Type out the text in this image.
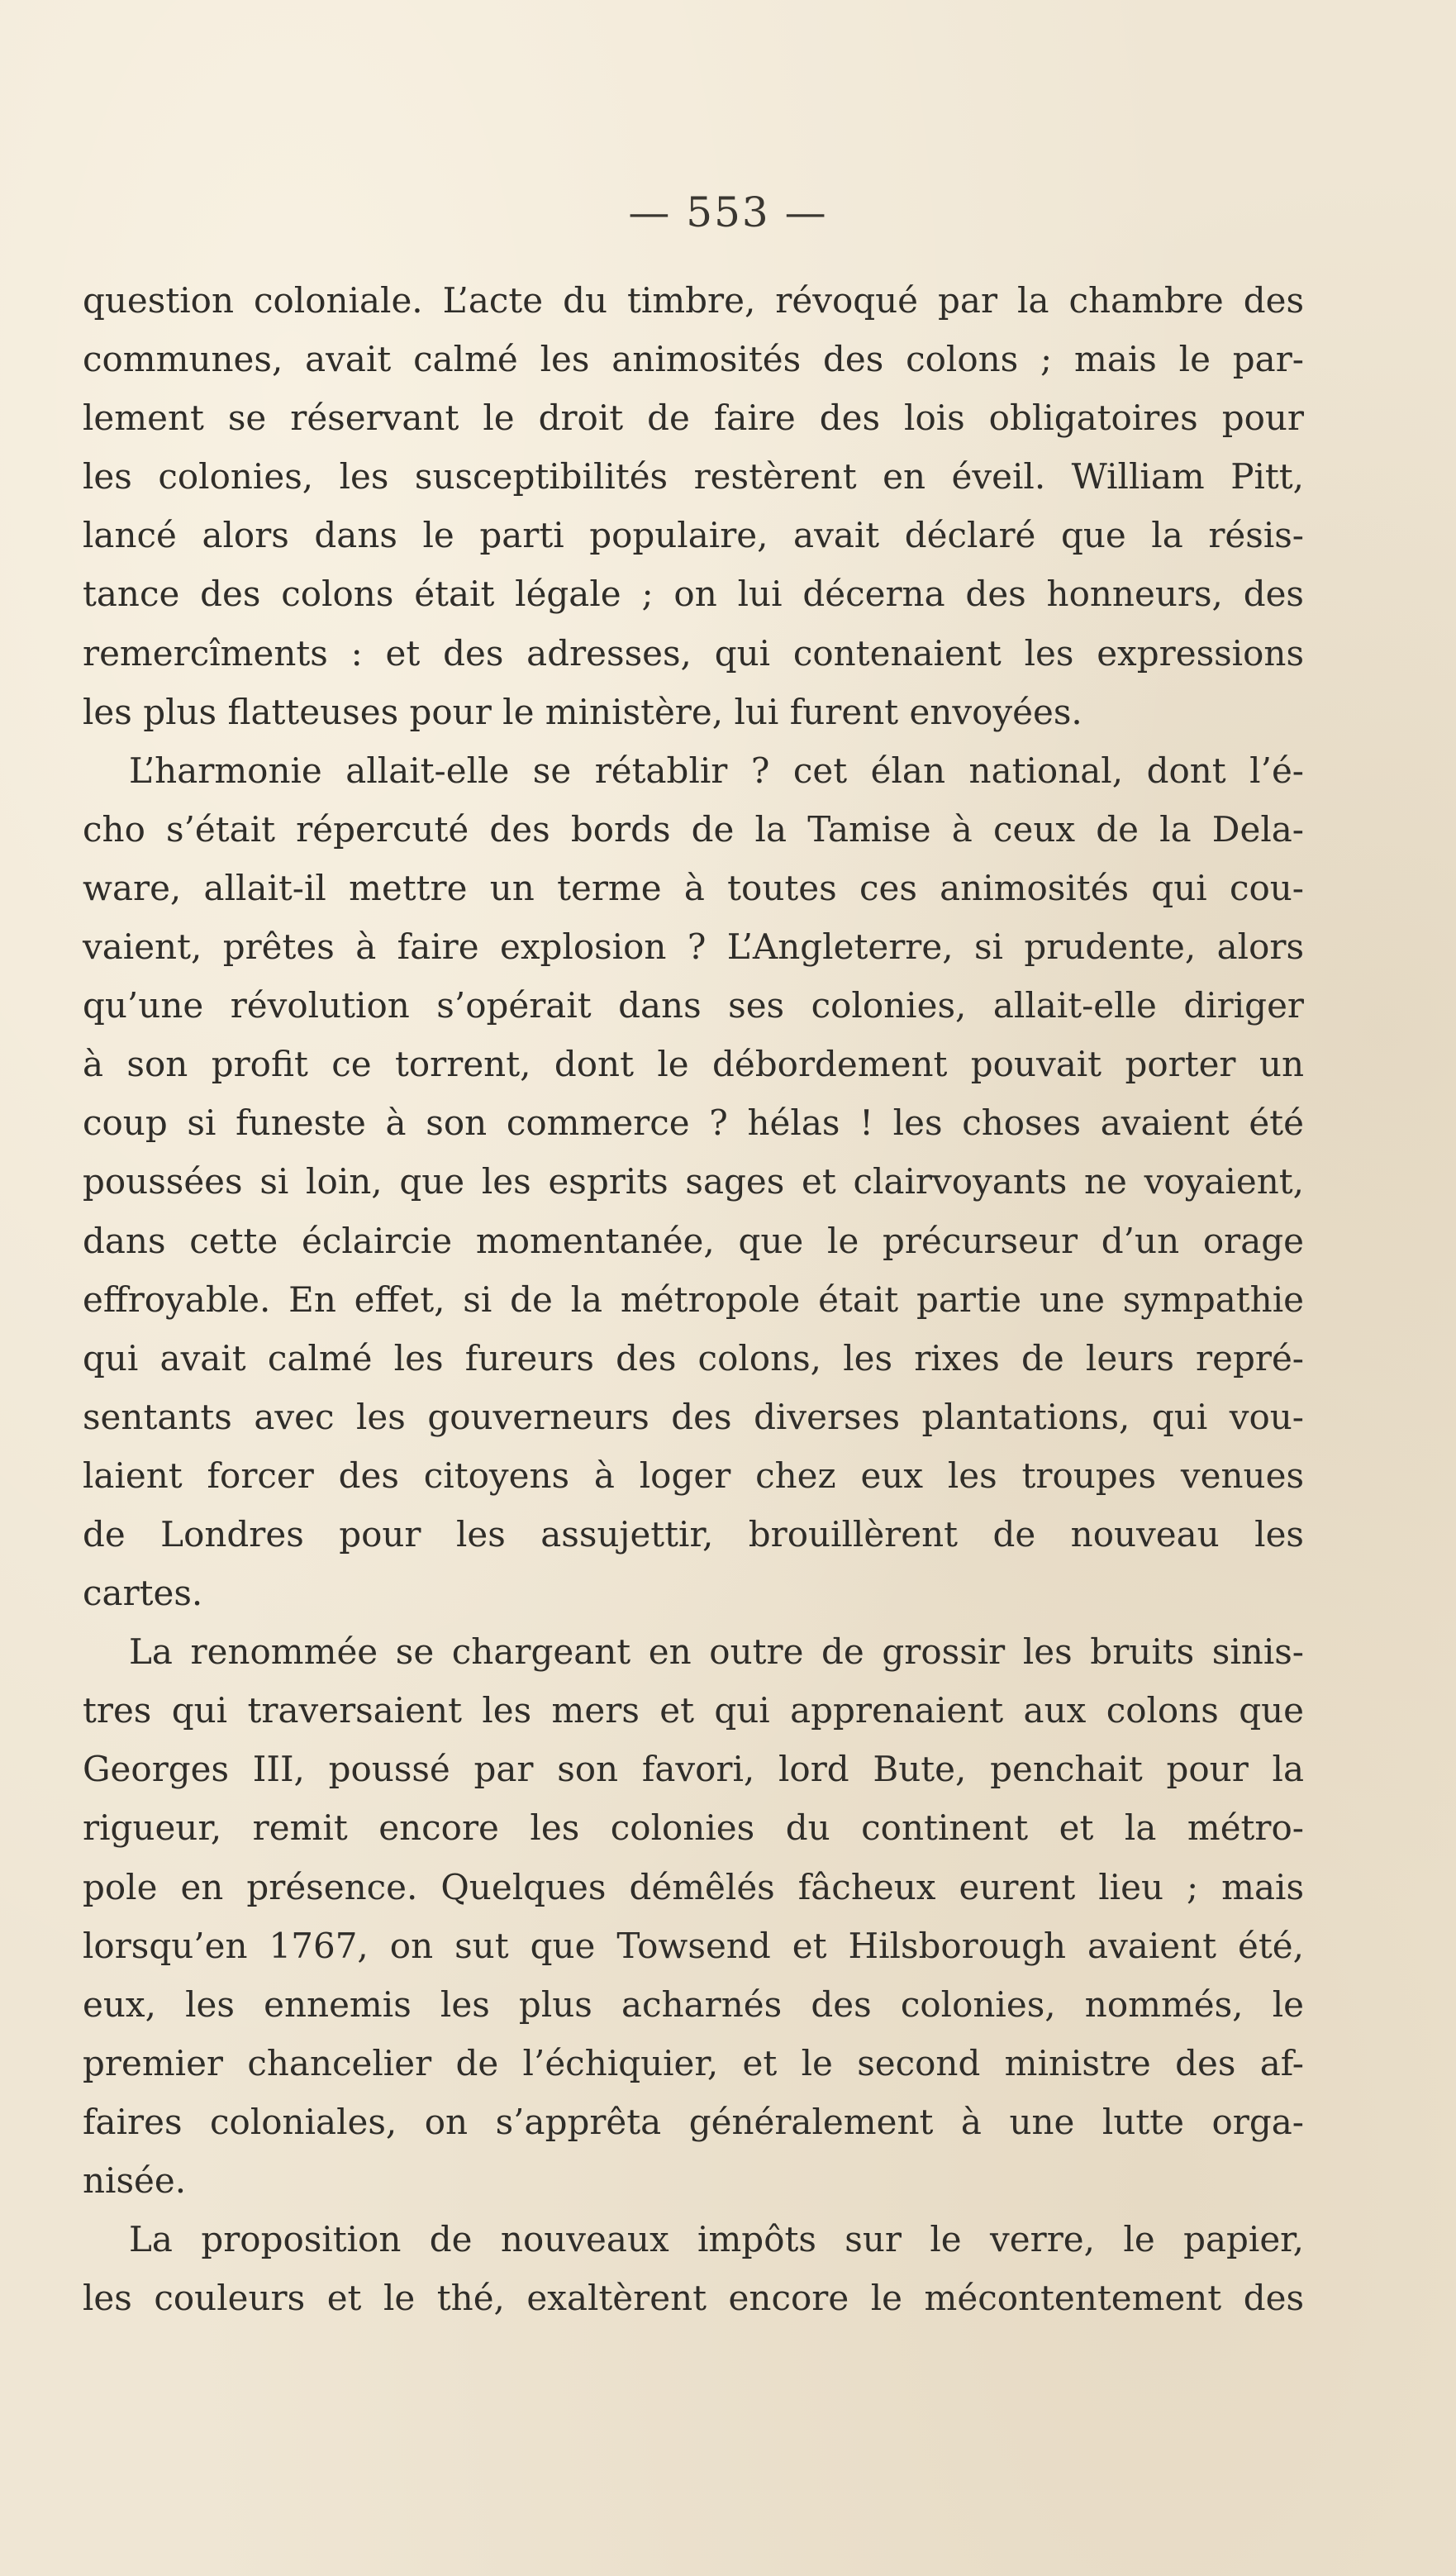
— 553 —
question coloniale. L’acte du timbre, révoqué par la chambre des
communes, avait calmé les animosités des colons ; mais le par-
lement se réservant le droit de faire des lois obligatoires pour
les colonies, les susceptibilités restèrent en éveil. William Pitt,
lancé alors dans le parti populaire, avait déclaré que la résis-
tance des colons était légale ; on lui décerna des honneurs, des
remercîments : et des adresses, qui contenaient les expressions
les plus flatteuses pour le ministère, lui furent envoyées.
L’harmonie allait-elle se rétablir ? cet élan national, dont l’é-
cho s’était répercuté des bords de la Tamise à ceux de la Dela-
ware, allait-il mettre un terme à toutes ces animosités qui cou-
vaient, prêtes à faire explosion ? L’Angleterre, si prudente, alors
qu’une révolution s’opérait dans ses colonies, allait-elle diriger
à son profit ce torrent, dont le débordement pouvait porter un
coup si funeste à son commerce ? hélas ! les choses avaient été
poussées si loin, que les esprits sages et clairvoyants ne voyaient,
dans cette éclaircie momentanée, que le précurseur d’un orage
effroyable. En effet, si de la métropole était partie une sympathie
qui avait calmé les fureurs des colons, les rixes de leurs repré-
sentants avec les gouverneurs des diverses plantations, qui vou-
laient forcer des citoyens à loger chez eux les troupes venues
de Londres pour les assujettir, brouillèrent de nouveau les
cartes.
La renommée se chargeant en outre de grossir les bruits sinis-
tres qui traversaient les mers et qui apprenaient aux colons que
Georges III, poussé par son favori, lord Bute, penchait pour la
rigueur, remit encore les colonies du continent et la métro-
pole en présence. Quelques démêlés fâcheux eurent lieu ; mais
lorsqu’en 1767, on sut que Towsend et Hilsborough avaient été,
eux, les ennemis les plus acharnés des colonies, nommés, le
premier chancelier de l’échiquier, et le second ministre des af-
faires coloniales, on s’apprêta généralement à une lutte orga-
nisée.
La proposition de nouveaux impôts sur le verre, le papier,
les couleurs et le thé, exaltèrent encore le mécontentement des
